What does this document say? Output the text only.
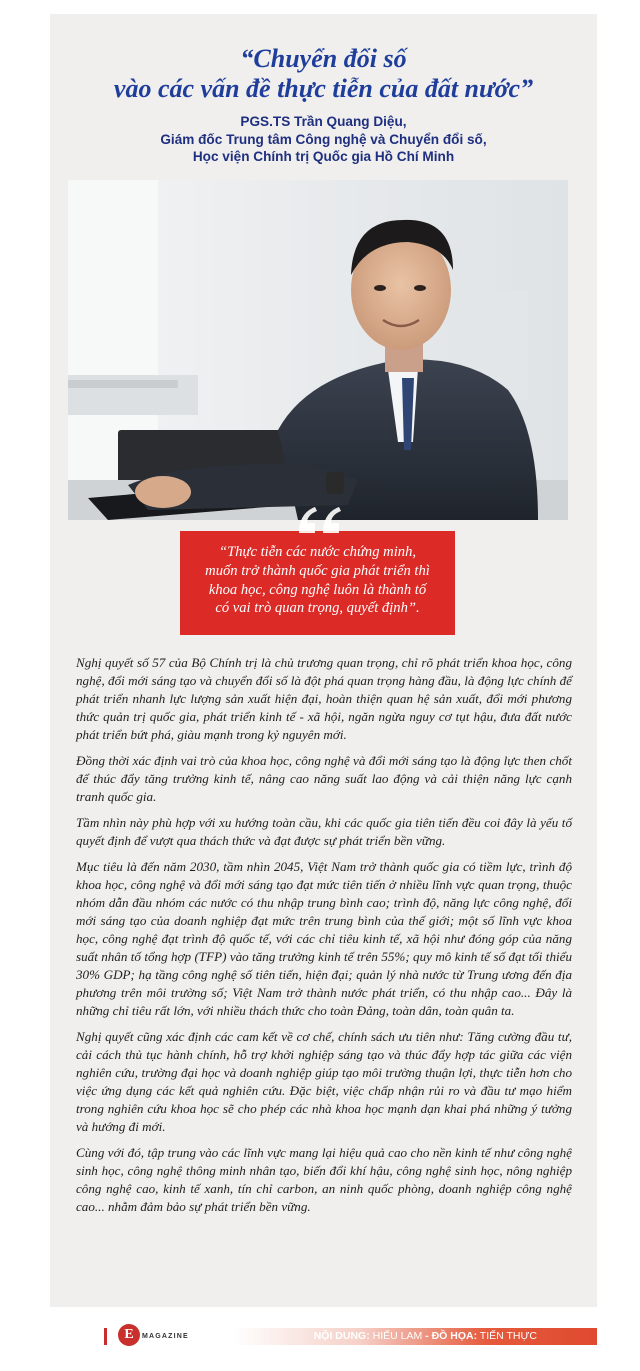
“Chuyển đổi số
vào các vấn đề thực tiễn của đất nước”
PGS.TS Trần Quang Diệu,
Giám đốc Trung tâm Công nghệ và Chuyển đổi số,
Học viện Chính trị Quốc gia Hồ Chí Minh
“Thực tiễn các nước chứng minh,
muốn trở thành quốc gia phát triển thì
khoa học, công nghệ luôn là thành tố
có vai trò quan trọng, quyết định”.

Nghị quyết số 57 của Bộ Chính trị là chủ trương quan trọng, chỉ rõ phát triển khoa học, công nghệ, đổi mới sáng tạo và chuyển đổi số là đột phá quan trọng hàng đầu, là động lực chính để phát triển nhanh lực lượng sản xuất hiện đại, hoàn thiện quan hệ sản xuất, đổi mới phương thức quản trị quốc gia, phát triển kinh tế - xã hội, ngăn ngừa nguy cơ tụt hậu, đưa đất nước phát triển bứt phá, giàu mạnh trong kỷ nguyên mới.

Đồng thời xác định vai trò của khoa học, công nghệ và đổi mới sáng tạo là động lực then chốt để thúc đẩy tăng trưởng kinh tế, nâng cao năng suất lao động và cải thiện năng lực cạnh tranh quốc gia.

Tầm nhìn này phù hợp với xu hướng toàn cầu, khi các quốc gia tiên tiến đều coi đây là yếu tố quyết định để vượt qua thách thức và đạt được sự phát triển bền vững.

Mục tiêu là đến năm 2030, tầm nhìn 2045, Việt Nam trở thành quốc gia có tiềm lực, trình độ khoa học, công nghệ và đổi mới sáng tạo đạt mức tiên tiến ở nhiều lĩnh vực quan trọng, thuộc nhóm dẫn đầu nhóm các nước có thu nhập trung bình cao; trình độ, năng lực công nghệ, đổi mới sáng tạo của doanh nghiệp đạt mức trên trung bình của thế giới; một số lĩnh vực khoa học, công nghệ đạt trình độ quốc tế, với các chỉ tiêu kinh tế, xã hội như đóng góp của năng suất nhân tố tổng hợp (TFP) vào tăng trưởng kinh tế trên 55%; quy mô kinh tế số đạt tối thiểu 30% GDP; hạ tầng công nghệ số tiên tiến, hiện đại; quản lý nhà nước từ Trung ương đến địa phương trên môi trường số; Việt Nam trở thành nước phát triển, có thu nhập cao... Đây là những chỉ tiêu rất lớn, với nhiều thách thức cho toàn Đảng, toàn dân, toàn quân ta.

Nghị quyết cũng xác định các cam kết về cơ chế, chính sách ưu tiên như: Tăng cường đầu tư, cải cách thủ tục hành chính, hỗ trợ khởi nghiệp sáng tạo và thúc đẩy hợp tác giữa các viện nghiên cứu, trường đại học và doanh nghiệp giúp tạo môi trường thuận lợi, thực tiễn hơn cho việc ứng dụng các kết quả nghiên cứu. Đặc biệt, việc chấp nhận rủi ro và đầu tư mạo hiểm trong nghiên cứu khoa học sẽ cho phép các nhà khoa học mạnh dạn khai phá những ý tưởng và hướng đi mới.

Cùng với đó, tập trung vào các lĩnh vực mang lại hiệu quả cao cho nền kinh tế như công nghệ sinh học, công nghệ thông minh nhân tạo, biến đổi khí hậu, công nghệ sinh học, nông nghiệp công nghệ cao, kinh tế xanh, tín chỉ carbon, an ninh quốc phòng, doanh nghiệp công nghệ cao... nhằm đảm bảo sự phát triển bền vững.

E	MAGAZINE	NỘI DUNG: HIẾU LAM - ĐỒ HỌA: TIẾN THỰC
